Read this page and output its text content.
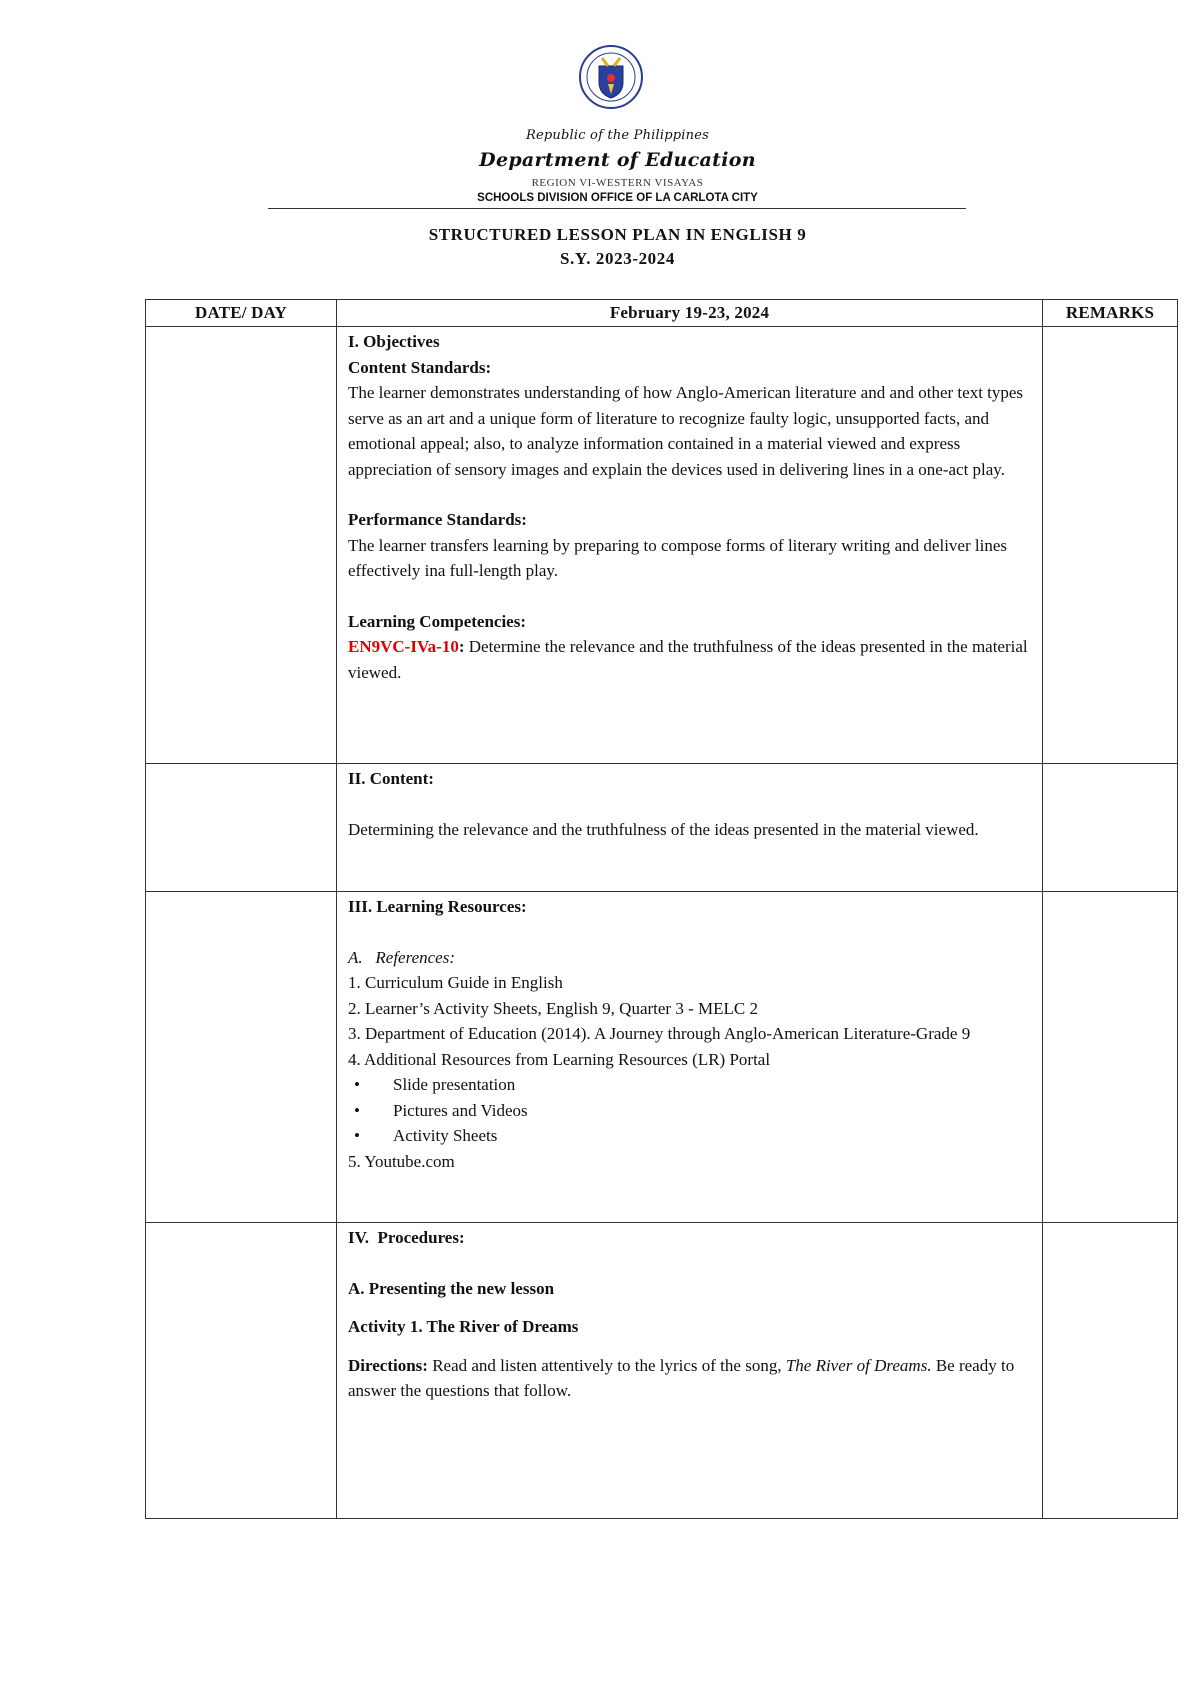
Republic of the Philippines
Department of Education
REGION VI-WESTERN VISAYAS
SCHOOLS DIVISION OFFICE OF LA CARLOTA CITY
STRUCTURED LESSON PLAN IN ENGLISH 9
S.Y. 2023-2024
DATE/ DAY	February 19-23, 2024	REMARKS

I. Objectives
Content Standards:
The learner demonstrates understanding of how Anglo-American literature and and other text types serve as an art and a unique form of literature to recognize faulty logic, unsupported facts, and emotional appeal; also, to analyze information contained in a material viewed and express appreciation of sensory images and explain the devices used in delivering lines in a one-act play.
Performance Standards:
The learner transfers learning by preparing to compose forms of literary writing and deliver lines effectively ina full-length play.
Learning Competencies:
EN9VC-IVa-10: Determine the relevance and the truthfulness of the ideas presented in the material viewed.

	II. Content:
Determining the relevance and the truthfulness of the ideas presented in the material viewed.	

III. Learning Resources:
A.   References:
1. Curriculum Guide in English
2. Learner’s Activity Sheets, English 9, Quarter 3 - MELC 2
3. Department of Education (2014). A Journey through Anglo-American Literature-Grade 9
4. Additional Resources from Learning Resources (LR) Portal
•	Slide presentation
•	Pictures and Videos
•	Activity Sheets
5. Youtube.com

	IV.  Procedures:
A. Presenting the new lesson
Activity 1. The River of Dreams
Directions: Read and listen attentively to the lyrics of the song, The River of Dreams. Be ready to answer the questions that follow.	
